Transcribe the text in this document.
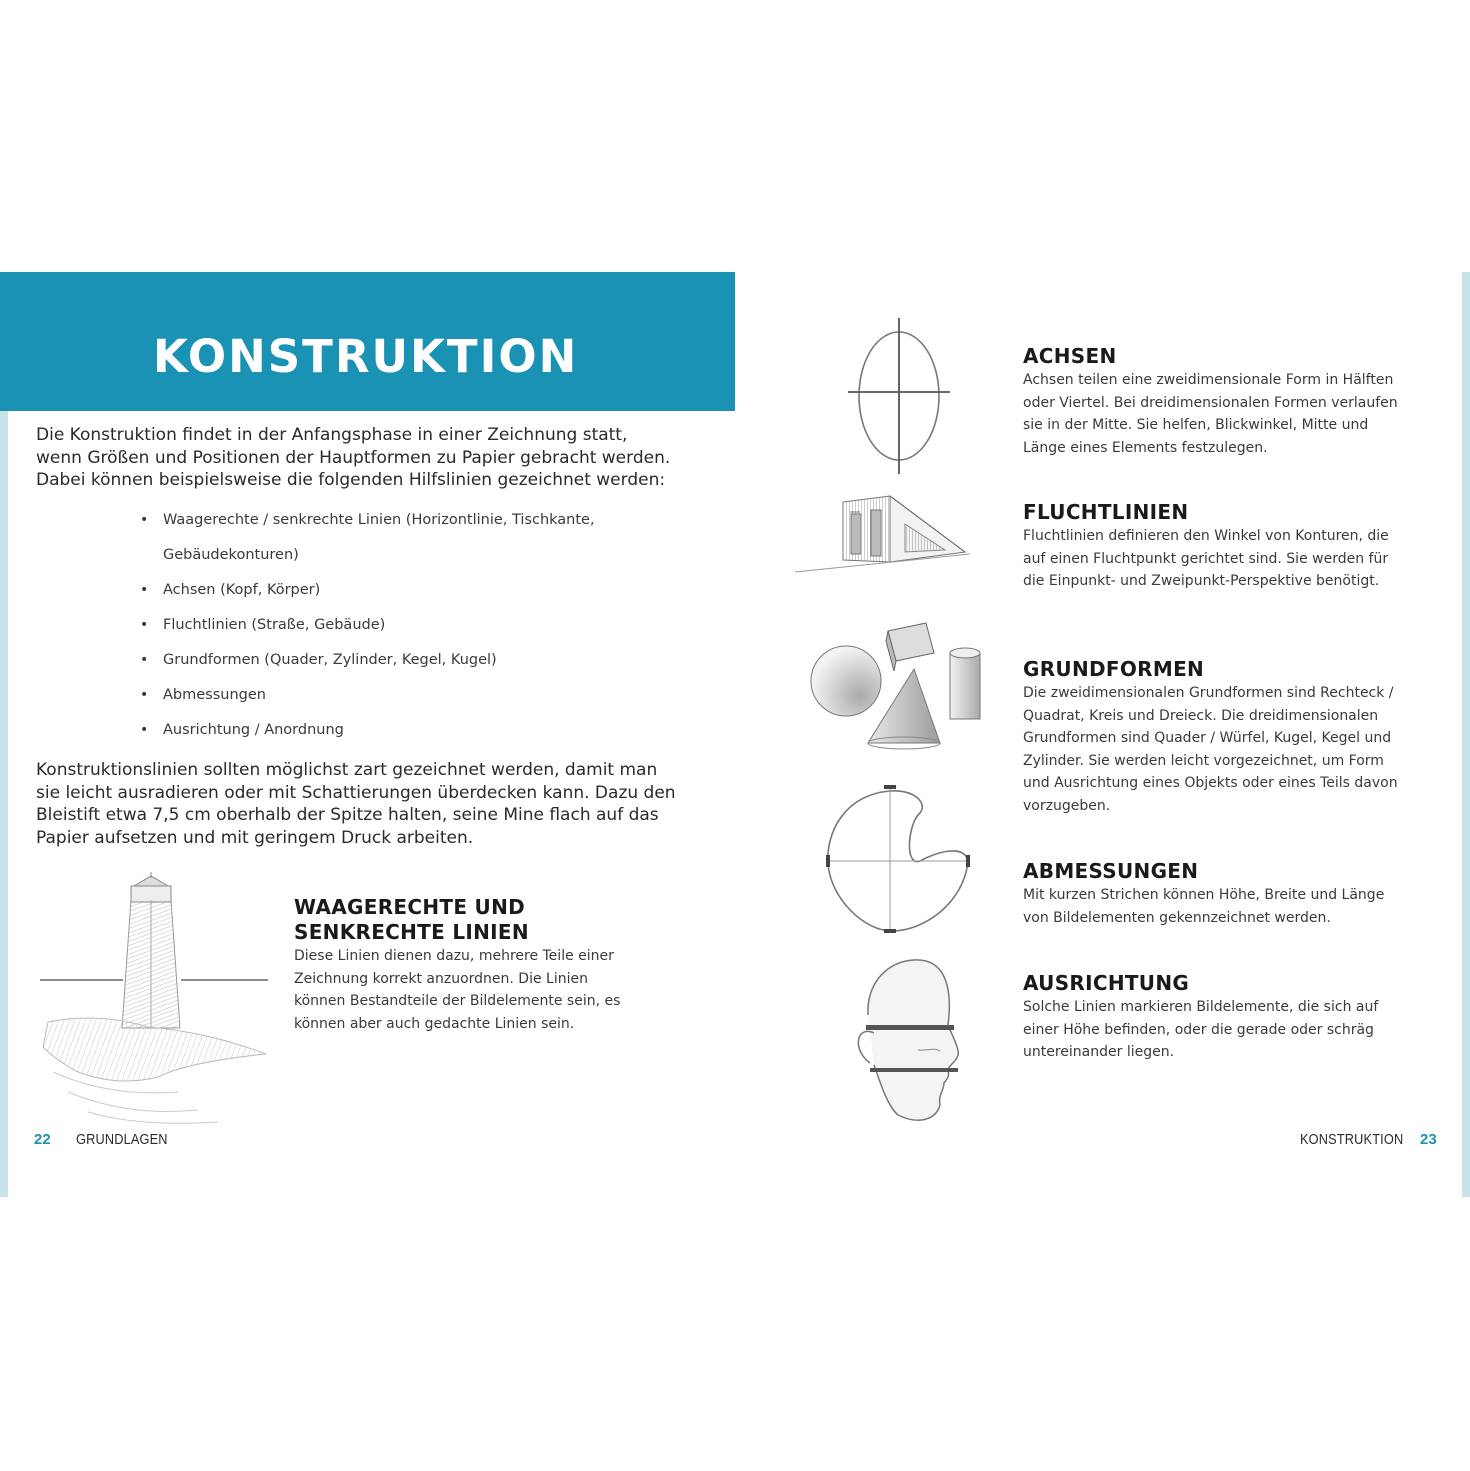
KONSTRUKTION

Die Konstruktion findet in der Anfangsphase in einer Zeichnung statt, wenn Größen und Positionen der Hauptformen zu Papier gebracht werden. Dabei können beispielsweise die folgenden Hilfslinien gezeichnet werden:

• Waagerechte / senkrechte Linien (Horizontlinie, Tischkante,
Gebäudekonturen)
• Achsen (Kopf, Körper)
• Fluchtlinien (Straße, Gebäude)
• Grundformen (Quader, Zylinder, Kegel, Kugel)
• Abmessungen
• Ausrichtung / Anordnung

Konstruktionslinien sollten möglichst zart gezeichnet werden, damit man sie leicht ausradieren oder mit Schattierungen überdecken kann. Dazu den Bleistift etwa 7,5 cm oberhalb der Spitze halten, seine Mine flach auf das Papier aufsetzen und mit geringem Druck arbeiten.

WAAGERECHTE UND
SENKRECHTE LINIEN

Diese Linien dienen dazu, mehrere Teile einer Zeichnung korrekt anzuordnen. Die Linien können Bestandteile der Bildelemente sein, es können aber auch gedachte Linien sein.

22 GRUNDLAGEN
ACHSEN

Achsen teilen eine zweidimensionale Form in Hälften oder Viertel. Bei dreidimensionalen Formen verlaufen sie in der Mitte. Sie helfen, Blickwinkel, Mitte und Länge eines Elements festzulegen.

FLUCHTLINIEN

Fluchtlinien definieren den Winkel von Konturen, die auf einen Fluchtpunkt gerichtet sind. Sie werden für die Einpunkt- und Zweipunkt-Perspektive benötigt.

GRUNDFORMEN

Die zweidimensionalen Grundformen sind Rechteck / Quadrat, Kreis und Dreieck. Die dreidimensionalen Grundformen sind Quader / Würfel, Kugel, Kegel und Zylinder. Sie werden leicht vorgezeichnet, um Form und Ausrichtung eines Objekts oder eines Teils davon vorzugeben.

ABMESSUNGEN

Mit kurzen Strichen können Höhe, Breite und Länge von Bildelementen gekennzeichnet werden.

AUSRICHTUNG

Solche Linien markieren Bildelemente, die sich auf einer Höhe befinden, oder die gerade oder schräg untereinander liegen.

KONSTRUKTION 23
